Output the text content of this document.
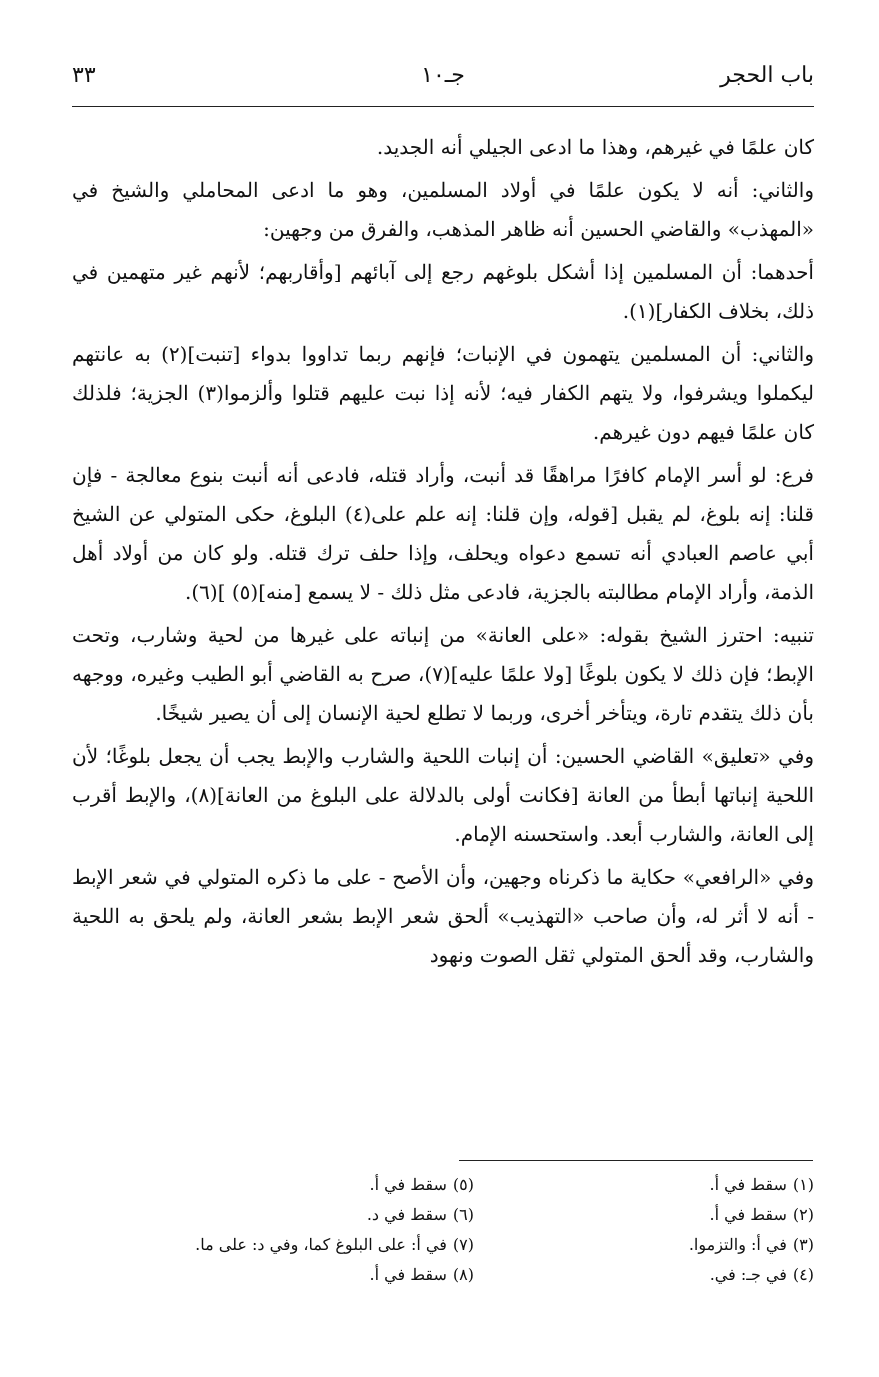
باب الحجر
جـ١٠
٣٣

كان علمًا في غيرهم، وهذا ما ادعى الجيلي أنه الجديد.

والثاني: أنه لا يكون علمًا في أولاد المسلمين، وهو ما ادعى المحاملي والشيخ في «المهذب» والقاضي الحسين أنه ظاهر المذهب، والفرق من وجهين:

أحدهما: أن المسلمين إذا أشكل بلوغهم رجع إلى آبائهم [وأقاربهم؛ لأنهم غير متهمين في ذلك، بخلاف الكفار](١).

والثاني: أن المسلمين يتهمون في الإنبات؛ فإنهم ربما تداووا بدواء [تنبت](٢) به عانتهم ليكملوا ويشرفوا، ولا يتهم الكفار فيه؛ لأنه إذا نبت عليهم قتلوا وألزموا(٣) الجزية؛ فلذلك كان علمًا فيهم دون غيرهم.

فرع: لو أسر الإمام كافرًا مراهقًا قد أنبت، وأراد قتله، فادعى أنه أنبت بنوع معالجة - فإن قلنا: إنه بلوغ، لم يقبل [قوله، وإن قلنا: إنه علم على(٤) البلوغ، حكى المتولي عن الشيخ أبي عاصم العبادي أنه تسمع دعواه ويحلف، وإذا حلف ترك قتله. ولو كان من أولاد أهل الذمة، وأراد الإمام مطالبته بالجزية، فادعى مثل ذلك - لا يسمع [منه](٥) ](٦).

تنبيه: احترز الشيخ بقوله: «على العانة» من إنباته على غيرها من لحية وشارب، وتحت الإبط؛ فإن ذلك لا يكون بلوغًا [ولا علمًا عليه](٧)، صرح به القاضي أبو الطيب وغيره، ووجهه بأن ذلك يتقدم تارة، ويتأخر أخرى، وربما لا تطلع لحية الإنسان إلى أن يصير شيخًا.

وفي «تعليق» القاضي الحسين: أن إنبات اللحية والشارب والإبط يجب أن يجعل بلوغًا؛ لأن اللحية إنباتها أبطأ من العانة [فكانت أولى بالدلالة على البلوغ من العانة](٨)، والإبط أقرب إلى العانة، والشارب أبعد. واستحسنه الإمام.

وفي «الرافعي» حكاية ما ذكرناه وجهين، وأن الأصح - على ما ذكره المتولي في شعر الإبط - أنه لا أثر له، وأن صاحب «التهذيب» ألحق شعر الإبط بشعر العانة، ولم يلحق به اللحية والشارب، وقد ألحق المتولي ثقل الصوت ونهود

(١)سقط في أ.
(٢)سقط في أ.
(٣)في أ: والتزموا.
(٤)في جـ: في.
(٥)سقط في أ.
(٦)سقط في د.
(٧)في أ: على البلوغ كما، وفي د: على ما.
(٨)سقط في أ.
